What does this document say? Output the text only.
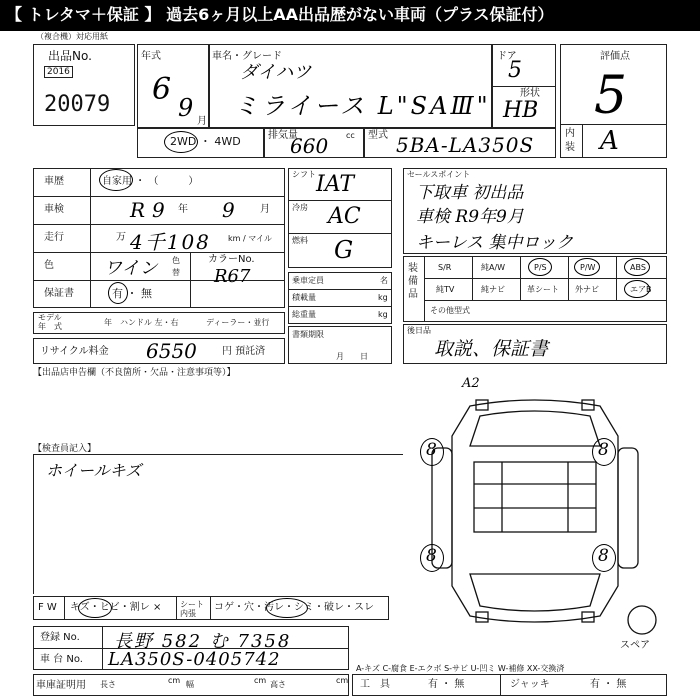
【 トレタマ＋保証 】 過去6ヶ月以上AA出品歴がない車両（プラス保証付）
（複合機）対応用紙
出品No.
2016
20079
年式
6
9 月
車名・グレード
ダイハツ
ミライース L"SAⅢ"
ドア
5
形状
HB
評価点
5
内
装 A
2WD ・ 4WD	排気量
660 cc 型式 5BA-LA350S
車歴	自家用 ・ （　　　）
車検	R 9 年 9	月
走行	万 4千108 km / マイル
色	ワイン 色
替
カラーNo.
R67
保証書	有 ・ 無
モデル
年　式	年 ハンドル 左・右	ディーラー・並行
リサイクル料金 6550	円 預託済
シフト IAT
冷房 AC
燃料 G
乗車定員	名
積載量	kg
総重量	kg
書類期限
月　　日
セールスポイント
下取車 初出品
車検 R9年9月
キーレス 集中ロック
装備品
S/R	純A/W	P/S	P/W	ABS
純TV	純ナビ	革シート 外ナビ	エアB
その他型式
後日品
取説、保証書
【出品店申告欄（不良箇所・欠品・注意事項等）】
【検査員記入】
ホイールキズ
A2
8	8
8	8
スペア
F W キズ・ヒビ・割レ × シート 内張
コゲ・穴・汚レ・シミ・破レ・スレ
登録 No. 長野 582 む 7358
車 台 No. LA350S-0405742
車庫証明用 長さ	cm 幅	cm 高さ	cm
A-キズ C-腐食 E-エクボ S-サビ U-凹ミ W-補修 XX-交換済
工　具	有 ・ 無	ジャッキ	有 ・ 無
